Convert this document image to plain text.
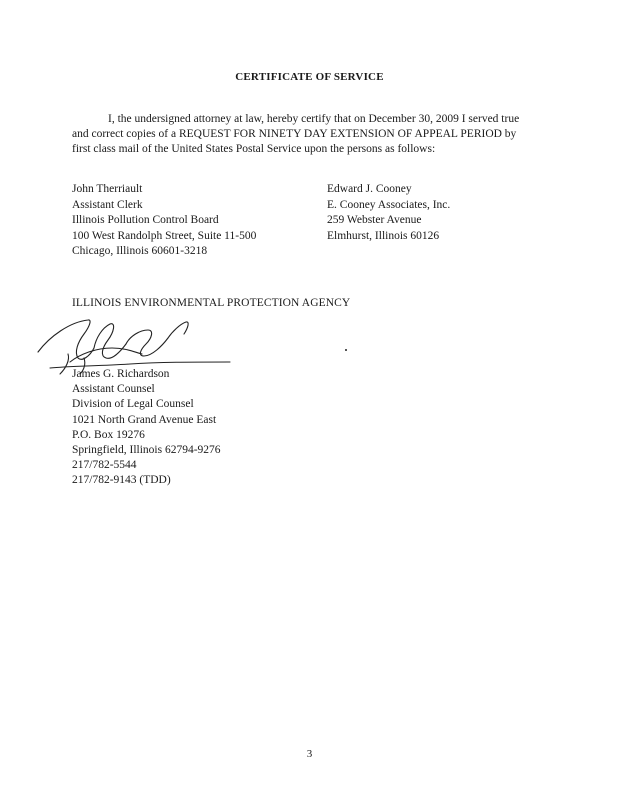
CERTIFICATE OF SERVICE
I, the undersigned attorney at law, hereby certify that on December 30, 2009 I served true
and correct copies of a REQUEST FOR NINETY DAY EXTENSION OF APPEAL PERIOD by
first class mail of the United States Postal Service upon the persons as follows:
John Therriault
Assistant Clerk
Illinois Pollution Control Board
100 West Randolph Street, Suite 11-500
Chicago, Illinois 60601-3218
Edward J. Cooney
E. Cooney Associates, Inc.
259 Webster Avenue
Elmhurst, Illinois 60126
ILLINOIS ENVIRONMENTAL PROTECTION AGENCY
James G. Richardson
Assistant Counsel
Division of Legal Counsel
1021 North Grand Avenue East
P.O. Box 19276
Springfield, Illinois 62794-9276
217/782-5544
217/782-9143 (TDD)
3
